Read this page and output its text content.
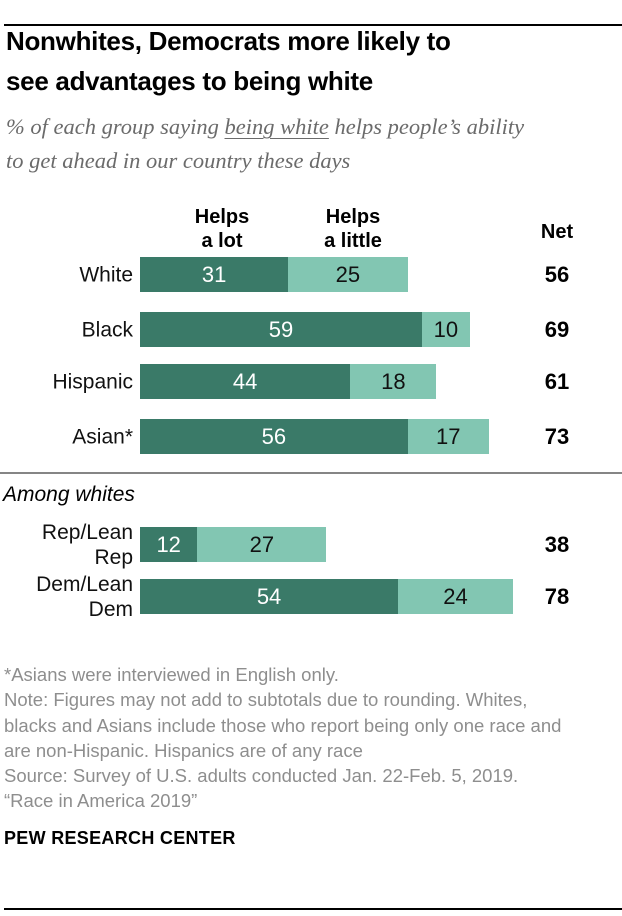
Nonwhites, Democrats more likely to
see advantages to being white
% of each group saying being white helps people’s ability
to get ahead in our country these days
Helps
a lot
Helps
a little	Net
White	31	25	56
Black	59	10	69
Hispanic	44	18	61
Asian*	56	17	73
Among whites
Rep/Lean
Rep
12	27	38
Dem/Lean
Dem
54	24	78
*Asians were interviewed in English only.
Note: Figures may not add to subtotals due to rounding. Whites,
blacks and Asians include those who report being only one race and
are non-Hispanic. Hispanics are of any race
Source: Survey of U.S. adults conducted Jan. 22-Feb. 5, 2019.
“Race in America 2019”
PEW RESEARCH CENTER
